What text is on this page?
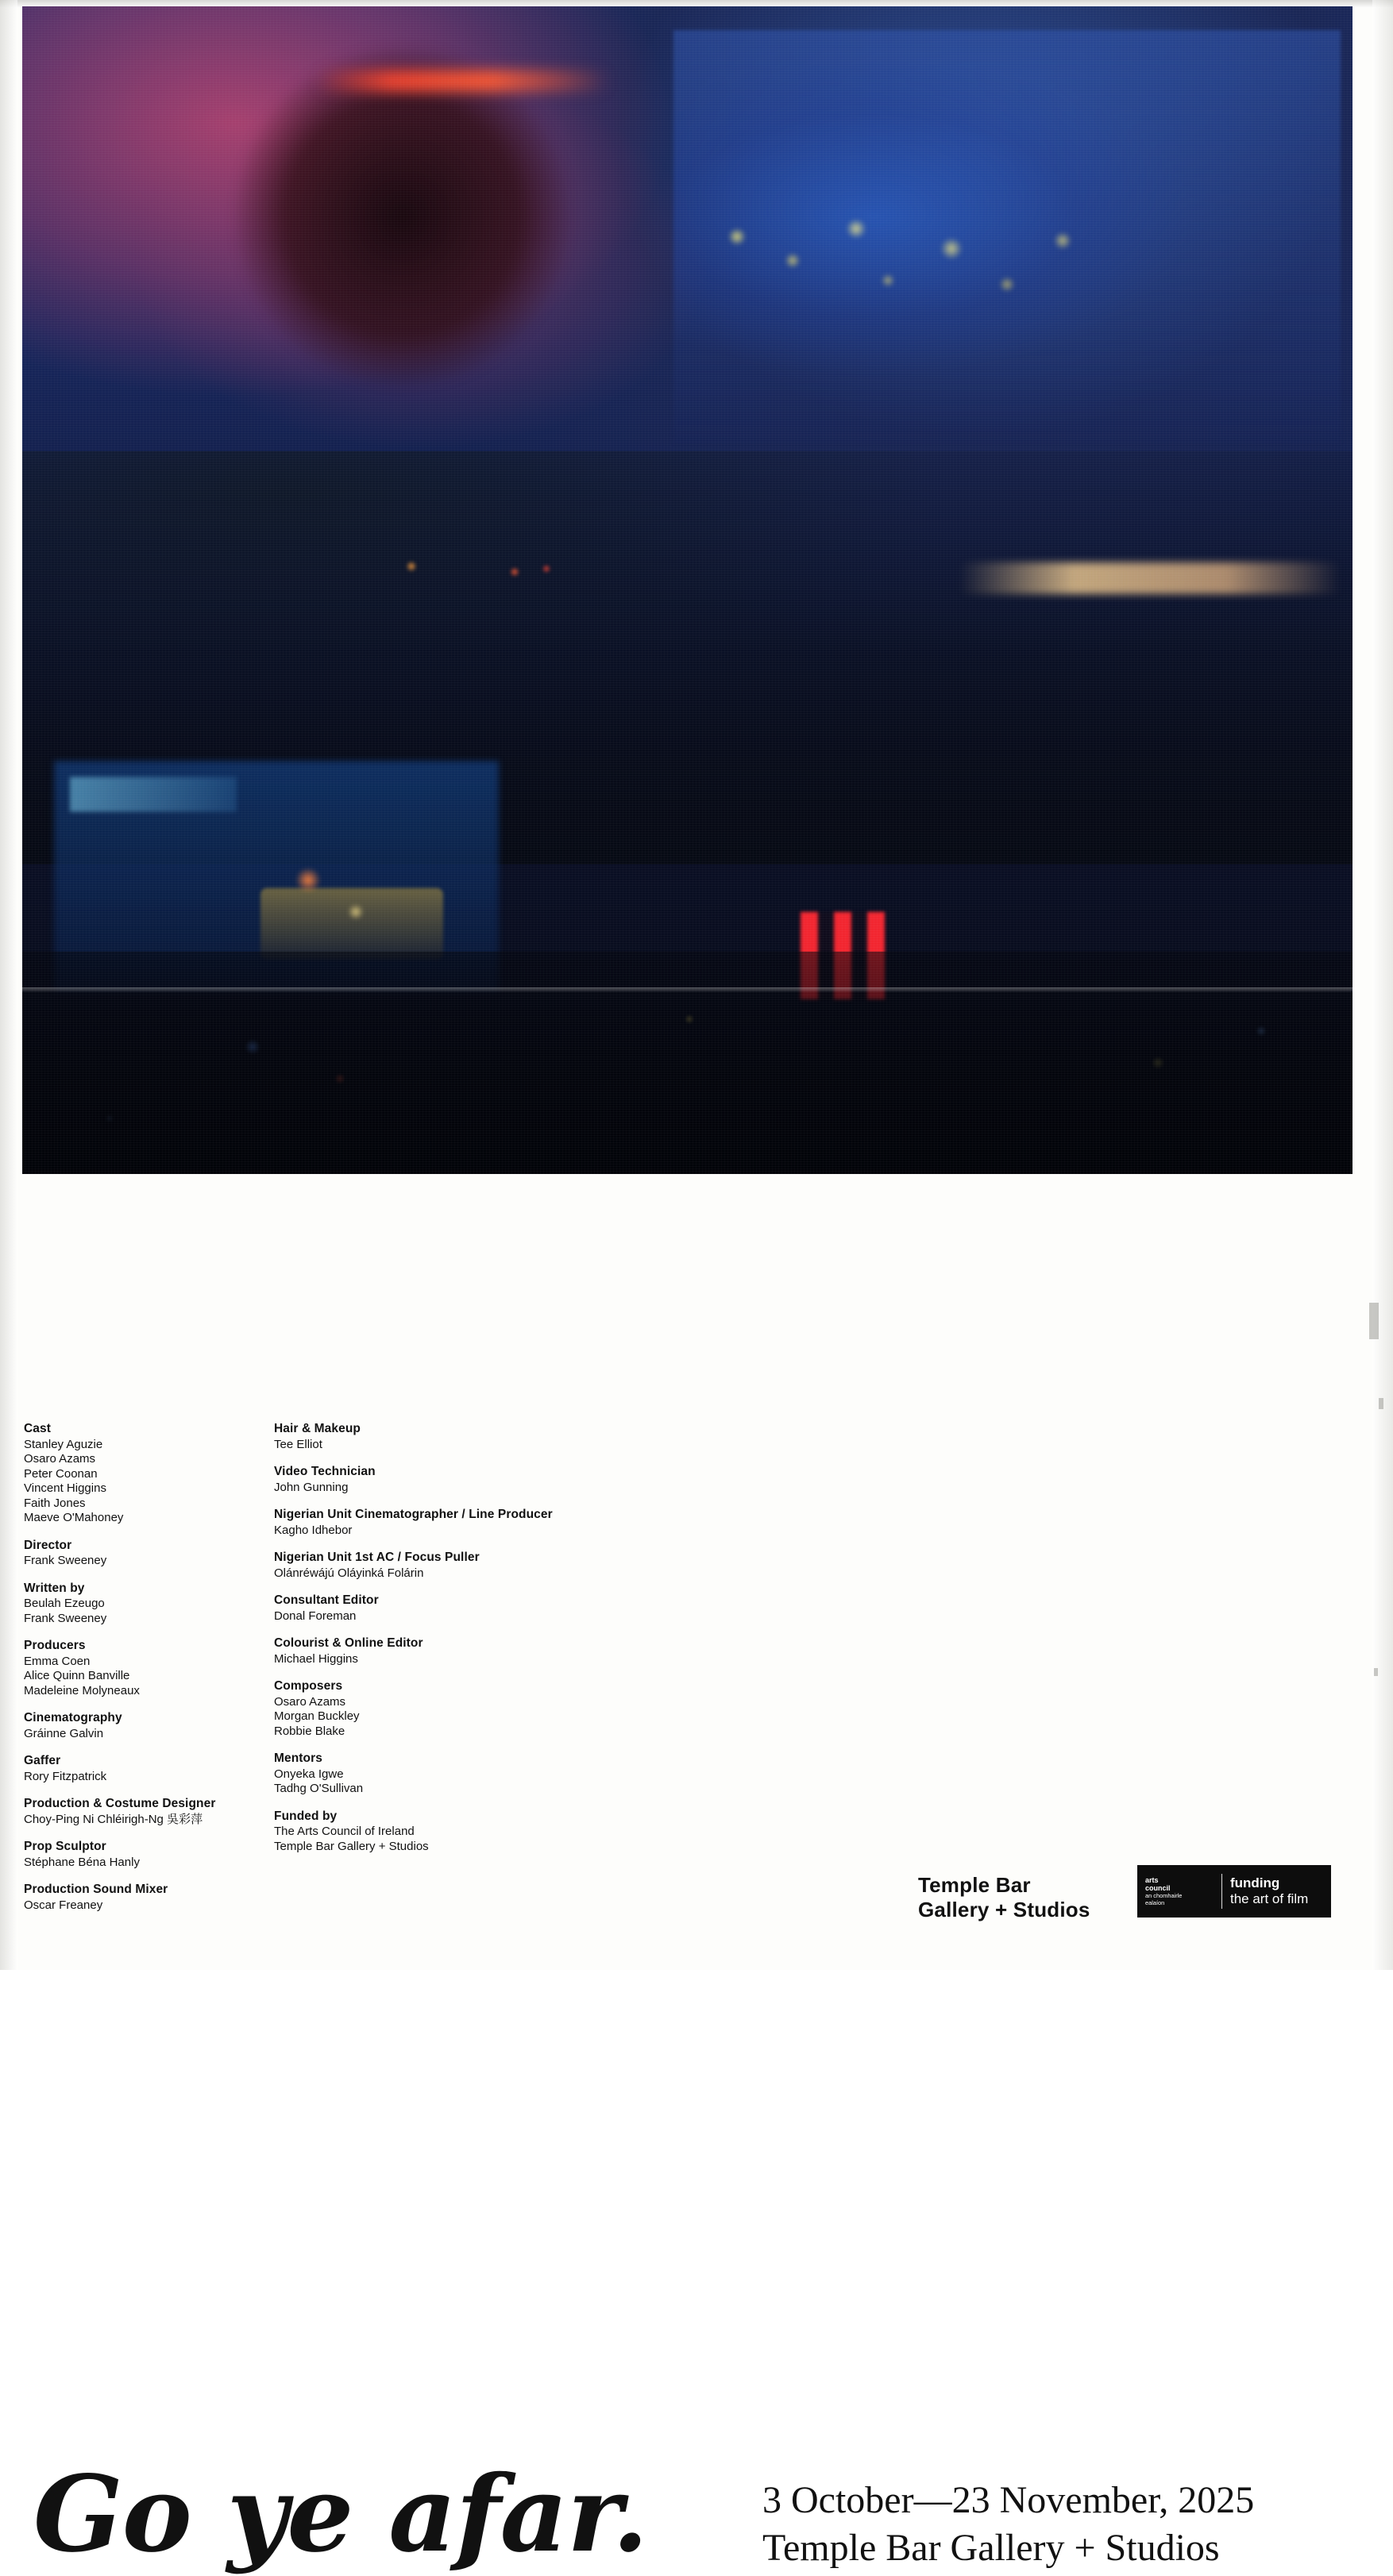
Go ye afar.	3 October—23 November, 2025
Temple Bar Gallery + Studios
Cast
Stanley Aguzie
Osaro Azams
Peter Coonan
Vincent Higgins
Faith Jones
Maeve O'Mahoney
Director
Frank Sweeney
Written by
Beulah Ezeugo
Frank Sweeney
Producers
Emma Coen
Alice Quinn Banville
Madeleine Molyneaux
Cinematography
Gráinne Galvin
Gaffer
Rory Fitzpatrick
Production & Costume Designer
Choy-Ping Ni Chléirigh-Ng 吳彩萍
Prop Sculptor
Stéphane Béna Hanly
Production Sound Mixer
Oscar Freaney
Hair & Makeup
Tee Elliot
Video Technician
John Gunning
Nigerian Unit Cinematographer / Line Producer
Kagho Idhebor
Nigerian Unit 1st AC / Focus Puller
Olánréwájú Oláyinká Folárin
Consultant Editor
Donal Foreman
Colourist & Online Editor
Michael Higgins
Composers
Osaro Azams
Morgan Buckley
Robbie Blake
Mentors
Onyeka Igwe
Tadhg O'Sullivan
Funded by
The Arts Council of Ireland
Temple Bar Gallery + Studios
Temple Bar
Gallery + Studios
arts
council
an chomhairle
ealaíon
funding
the art of film
